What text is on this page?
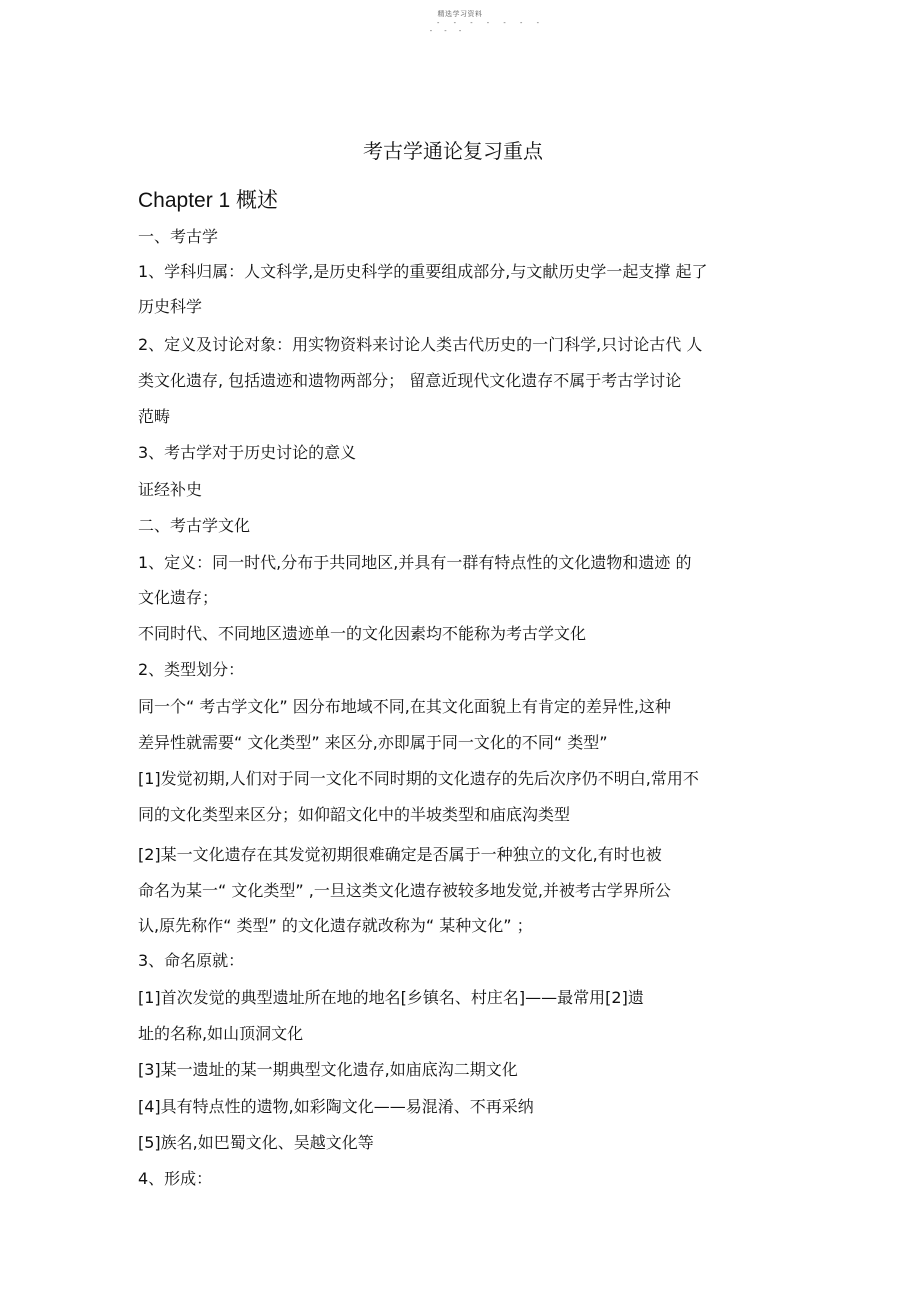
精选学习资料
- - - - - - -
- - -
考古学通论复习重点
Chapter 1 概述
一、考古学
1、学科归属：人文科学,是历史科学的重要组成部分,与文献历史学一起支撑 起了
历史科学
2、定义及讨论对象：用实物资料来讨论人类古代历史的一门科学,只讨论古代 人
类文化遗存, 包括遗迹和遗物两部分； 留意近现代文化遗存不属于考古学讨论
范畴
3、考古学对于历史讨论的意义
证经补史
二、考古学文化
1、定义：同一时代,分布于共同地区,并具有一群有特点性的文化遗物和遗迹 的
文化遗存；
不同时代、不同地区遗迹单一的文化因素均不能称为考古学文化
2、类型划分：
同一个“ 考古学文化” 因分布地域不同,在其文化面貌上有肯定的差异性,这种
差异性就需要“ 文化类型” 来区分,亦即属于同一文化的不同“ 类型”
[1]发觉初期,人们对于同一文化不同时期的文化遗存的先后次序仍不明白,常用不
同的文化类型来区分；如仰韶文化中的半坡类型和庙底沟类型
[2]某一文化遗存在其发觉初期很难确定是否属于一种独立的文化,有时也被
命名为某一“ 文化类型” ,一旦这类文化遗存被较多地发觉,并被考古学界所公
认,原先称作“ 类型” 的文化遗存就改称为“ 某种文化” ；
3、命名原就：
[1]首次发觉的典型遗址所在地的地名[乡镇名、村庄名]——最常用[2]遗
址的名称,如山顶洞文化
[3]某一遗址的某一期典型文化遗存,如庙底沟二期文化
[4]具有特点性的遗物,如彩陶文化——易混淆、不再采纳
[5]族名,如巴蜀文化、吴越文化等
4、形成：
